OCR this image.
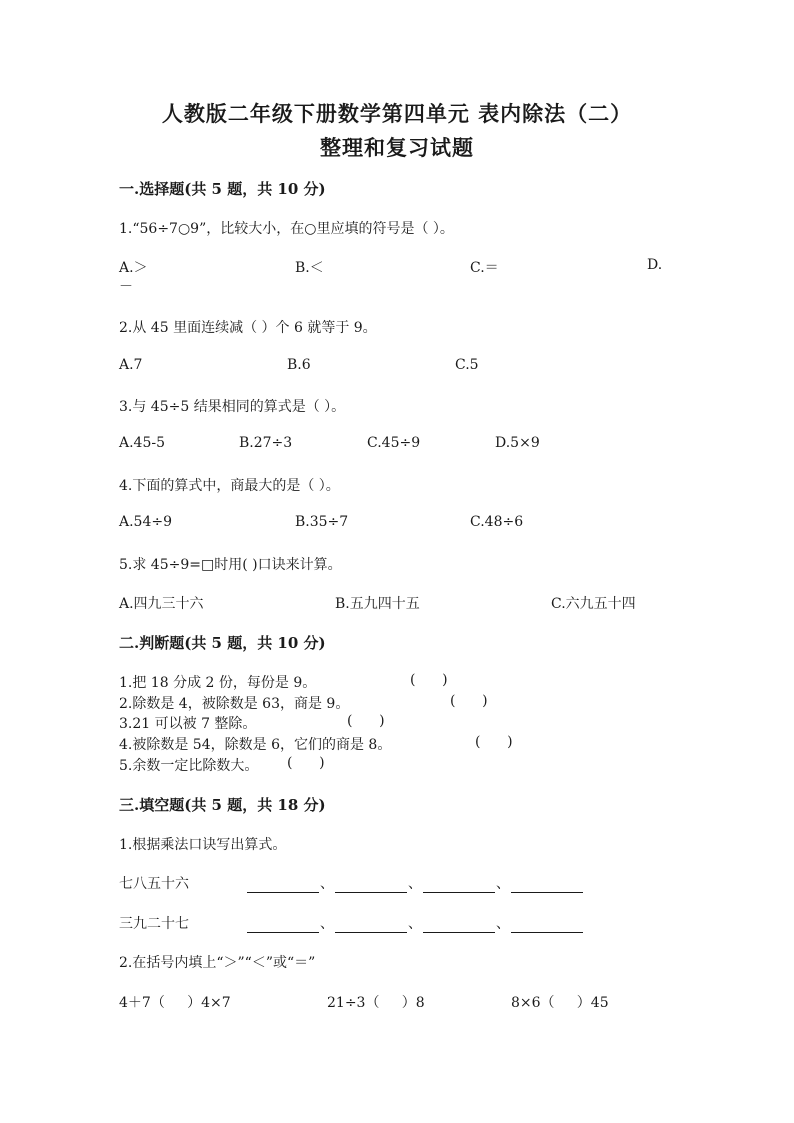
人教版二年级下册数学第四单元 表内除法（二）
整理和复习试题
一.选择题(共 5 题，共 10 分)
1.“56÷7○9”，比较大小，在○里应填的符号是（ ）。
A.＞	B.＜	C.＝	D.
－
2.从 45 里面连续减（ ）个 6 就等于 9。
A.7	B.6	C.5
3.与 45÷5 结果相同的算式是（ ）。
A.45-5	B.27÷3	C.45÷9	D.5×9
4.下面的算式中，商最大的是（ ）。
A.54÷9	B.35÷7	C.48÷6
5.求 45÷9=□时用( )口诀来计算。
A.四九三十六	B.五九四十五	C.六九五十四
二.判断题(共 5 题，共 10 分)
1.把 18 分成 2 份，每份是 9。	(      )
2.除数是 4，被除数是 63，商是 9。	(      )
3.21 可以被 7 整除。	(      )
4.被除数是 54，除数是 6，它们的商是 8。	(      )
5.余数一定比除数大。 (      )
三.填空题(共 5 题，共 18 分)
1.根据乘法口诀写出算式。
七八五十六	、	、	、
三九二十七	、	、	、
2.在括号内填上“＞”“＜”或“＝”
4＋7（     ）4×7	21÷3（     ）8	8×6（     ）45
